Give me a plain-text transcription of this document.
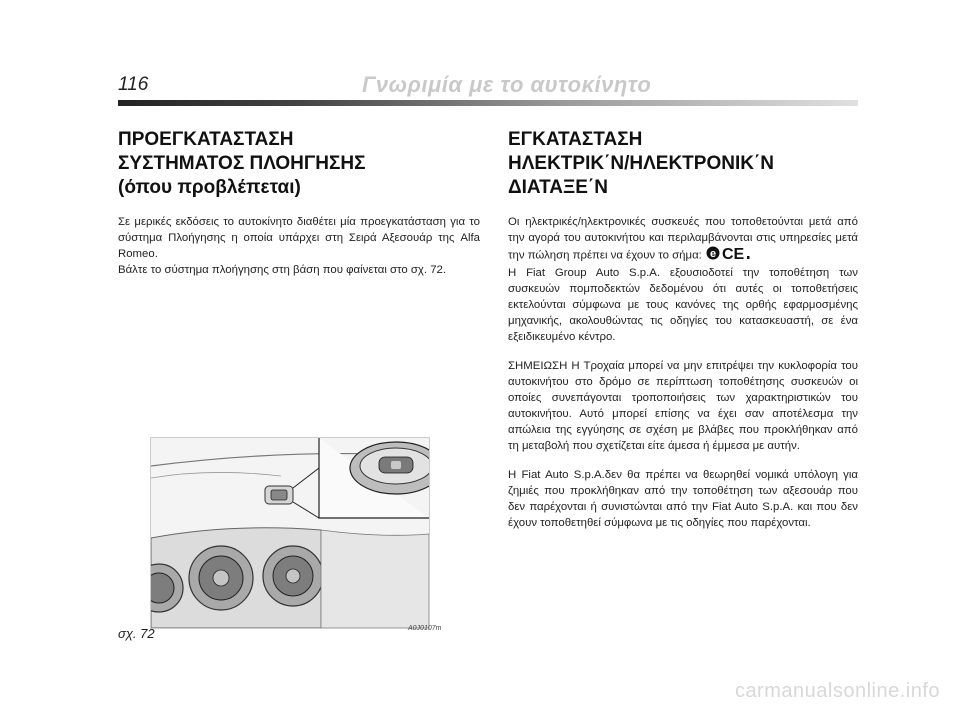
116	Γνωριμία με το αυτοκίνητο
ΠΡΟΕΓΚΑΤΑΣΤΑΣΗ
ΣΥΣΤΗΜΑΤΟΣ ΠΛΟΗΓΗΣΗΣ
(όπου προβλέπεται)

Σε μερικές εκδόσεις το αυτοκίνητο διαθέτει μία προεγκατάσταση για το σύστημα Πλοήγησης η οποία υπάρχει στη Σειρά Αξεσουάρ της Alfa Romeo.

Βάλτε το σύστημα πλοήγησης στη βάση που φαίνεται στο σχ. 72.

ΕΓΚΑΤΑΣΤΑΣΗ
ΗΛΕΚΤΡΙΚ΄Ν/ΗΛΕΚΤΡΟΝΙΚ΄Ν
ΔΙΑΤΑΞΕ΄Ν

Οι ηλεκτρικές/ηλεκτρονικές συσκευές που τοποθετούνται μετά από την αγορά του αυτοκινήτου και περιλαμβάνονται στις υπηρεσίες μετά την πώληση πρέπει να έχουν το σήμα: e CE

Η Fiat Group Auto S.p.A. εξουσιοδοτεί την τοποθέτηση των συσκευών πομποδεκτών δεδομένου ότι αυτές οι τοποθετήσεις εκτελούνται σύμφωνα με τους κανόνες της ορθής εφαρμοσμένης μηχανικής, ακολουθώντας τις οδηγίες του κατασκευαστή, σε ένα εξειδικευμένο κέντρο.

ΣΗΜΕΙΩΣΗ Η Τροχαία μπορεί να μην επιτρέψει την κυκλοφορία του αυτοκινήτου στο δρόμο σε περίπτωση τοποθέτησης συσκευών οι οποίες συνεπάγονται τροποποιήσεις των χαρακτηριστικών του αυτοκινήτου. Αυτό μπορεί επίσης να έχει σαν αποτέλεσμα την απώλεια της εγγύησης σε σχέση με βλάβες που προκλήθηκαν από τη μεταβολή που σχετίζεται είτε άμεσα ή έμμεσα με αυτήν.

Η Fiat Auto S.p.A.δεν θα πρέπει να θεωρηθεί νομικά υπόλογη για ζημιές που προκλήθηκαν από την τοποθέτηση των αξεσουάρ που δεν παρέχονται ή συνιστώνται από την Fiat Auto S.p.A. και που δεν έχουν τοποθετηθεί σύμφωνα με τις οδηγίες που παρέχονται.

A0J0107m
σχ. 72
carmanualsonline.info
